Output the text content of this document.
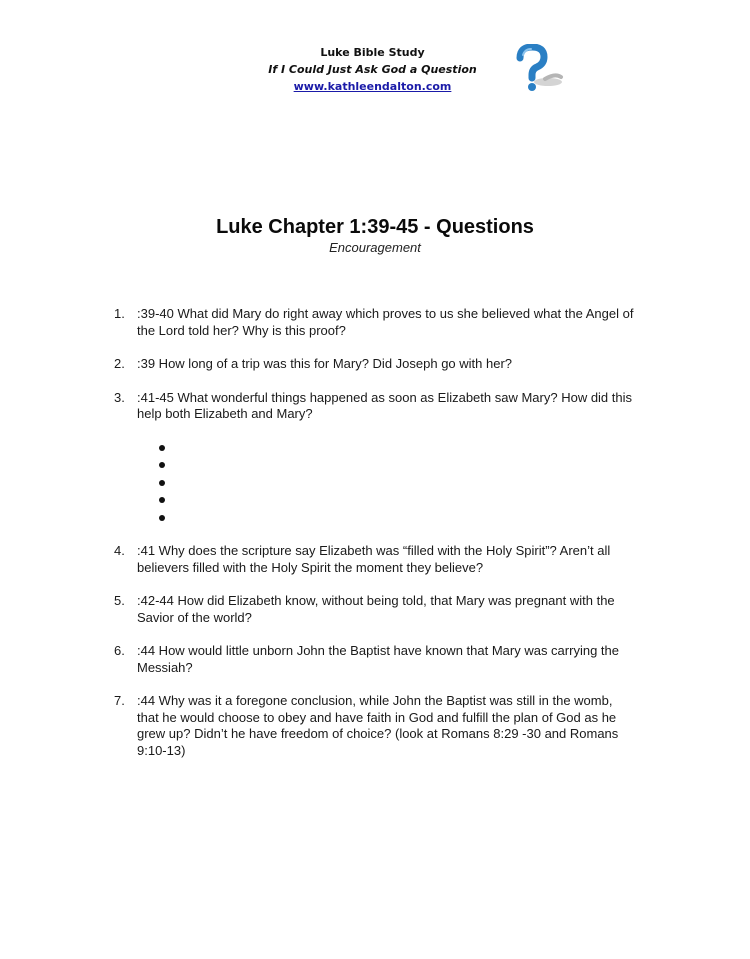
Luke Bible Study
If I Could Just Ask God a Question
www.kathleendalton.com
Luke Chapter 1:39-45 - Questions
Encouragement
1. :39-40 What did Mary do right away which proves to us she believed what the Angel of the Lord told her? Why is this proof?
2. :39 How long of a trip was this for Mary? Did Joseph go with her?
3. :41-45 What wonderful things happened as soon as Elizabeth saw Mary? How did this help both Elizabeth and Mary?
4. :41 Why does the scripture say Elizabeth was “filled with the Holy Spirit”? Aren’t all believers filled with the Holy Spirit the moment they believe?
5. :42-44 How did Elizabeth know, without being told, that Mary was pregnant with the Savior of the world?
6. :44 How would little unborn John the Baptist have known that Mary was carrying the Messiah?
7. :44 Why was it a foregone conclusion, while John the Baptist was still in the womb, that he would choose to obey and have faith in God and fulfill the plan of God as he grew up? Didn’t he have freedom of choice? (look at Romans 8:29 -30 and Romans 9:10-13)
